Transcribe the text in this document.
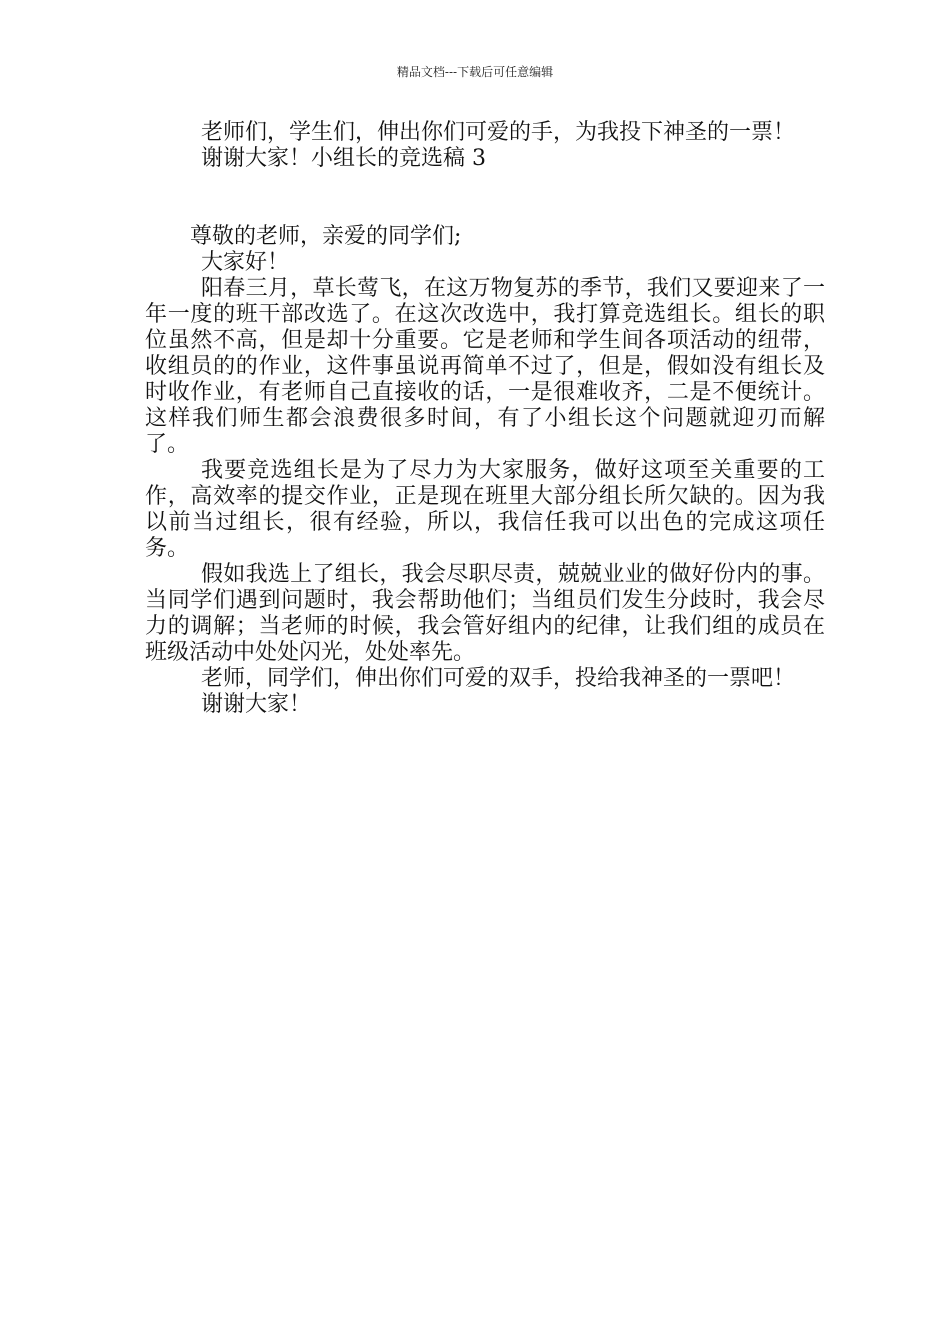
精品文档---下载后可任意编辑

老师们，学生们，伸出你们可爱的手，为我投下神圣的一票！

谢谢大家！小组长的竞选稿 3

尊敬的老师，亲爱的同学们;

大家好！

阳春三月，草长莺飞，在这万物复苏的季节，我们又要迎来了一年一度的班干部改选了。在这次改选中，我打算竞选组长。组长的职位虽然不高，但是却十分重要。它是老师和学生间各项活动的纽带，收组员的的作业，这件事虽说再简单不过了，但是，假如没有组长及时收作业，有老师自己直接收的话，一是很难收齐，二是不便统计。这样我们师生都会浪费很多时间，有了小组长这个问题就迎刃而解了。

我要竞选组长是为了尽力为大家服务，做好这项至关重要的工作，高效率的提交作业，正是现在班里大部分组长所欠缺的。因为我以前当过组长，很有经验，所以，我信任我可以出色的完成这项任务。

假如我选上了组长，我会尽职尽责，兢兢业业的做好份内的事。当同学们遇到问题时，我会帮助他们；当组员们发生分歧时，我会尽力的调解；当老师的时候，我会管好组内的纪律，让我们组的成员在班级活动中处处闪光，处处率先。

老师，同学们，伸出你们可爱的双手，投给我神圣的一票吧！

谢谢大家！
